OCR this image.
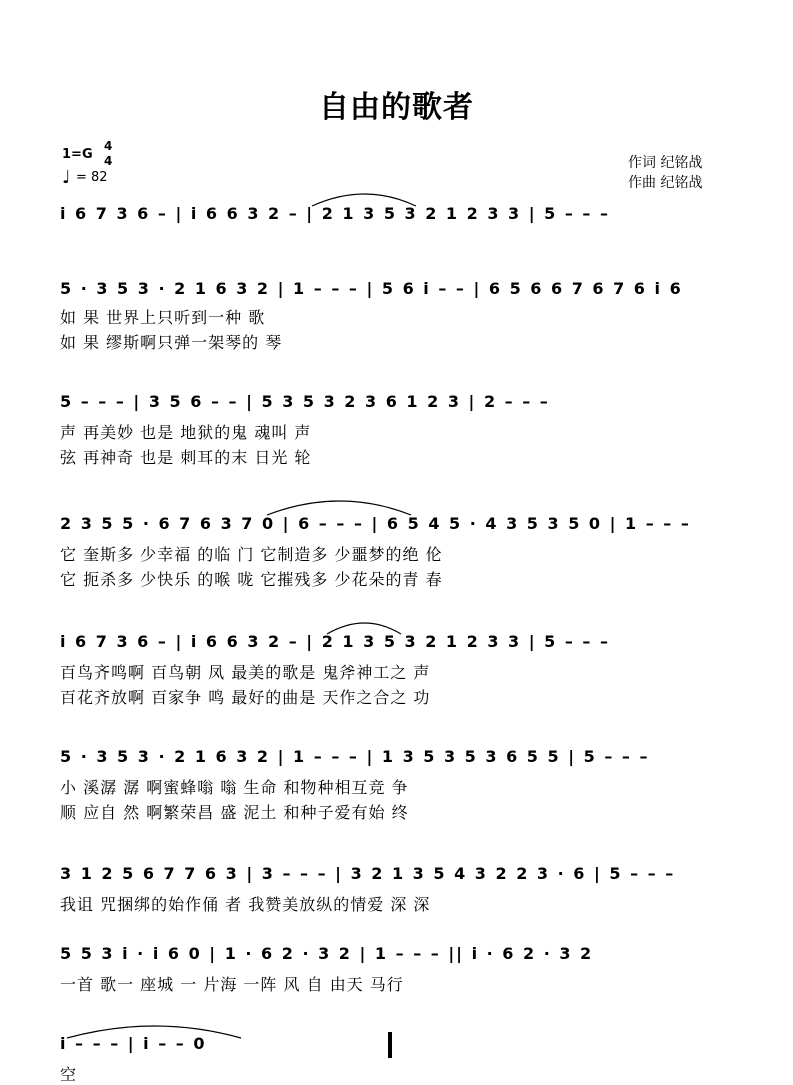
自由的歌者
1=G
4
4
♩ = 82
作词 纪铭战
作曲 纪铭战
i 6 7 3 6 – | i 6 6 3 2 – | 2 1 3 5 3 2 1 2 3 3 | 5 – – –
5 · 3 5 3 · 2 1 6 3 2 | 1 – – – | 5 6 i – – | 6 5 6 6 7 6 7 6 i 6
如 果 世界上只听到一种 歌
如 果 缪斯啊只弹一架琴的 琴
5 – – – | 3 5 6 – – | 5 3 5 3 2 3 6 1 2 3 | 2 – – –
声 再美妙 也是 地狱的鬼 魂叫 声
弦 再神奇 也是 刺耳的末 日光 轮
2 3 5 5 · 6 7 6 3 7 0 | 6 – – – | 6 5 4 5 · 4 3 5 3 5 0 | 1 – – –
它 奎斯多 少幸福 的临 门 它制造多 少噩梦的绝 伦
它 扼杀多 少快乐 的喉 咙 它摧残多 少花朵的青 春
i 6 7 3 6 – | i 6 6 3 2 – | 2 1 3 5 3 2 1 2 3 3 | 5 – – –
百鸟齐鸣啊 百鸟朝 凤 最美的歌是 鬼斧神工之 声
百花齐放啊 百家争 鸣 最好的曲是 天作之合之 功
5 · 3 5 3 · 2 1 6 3 2 | 1 – – – | 1 3 5 3 5 3 6 5 5 | 5 – – –
小 溪潺 潺 啊蜜蜂嗡 嗡 生命 和物种相互竞 争
顺 应自 然 啊繁荣昌 盛 泥土 和种子爱有始 终
3 1 2 5 6 7 7 6 3 | 3 – – – | 3 2 1 3 5 4 3 2 2 3 · 6 | 5 – – –
我诅 咒捆绑的始作俑 者 我赞美放纵的情爱 深 深
5 5 3 i · i 6 0 | 1 · 6 2 · 3 2 | 1 – – – || i · 6 2 · 3 2
一首 歌一 座城 一 片海 一阵 风 自 由天 马行
i – – – | i – – 0
空
